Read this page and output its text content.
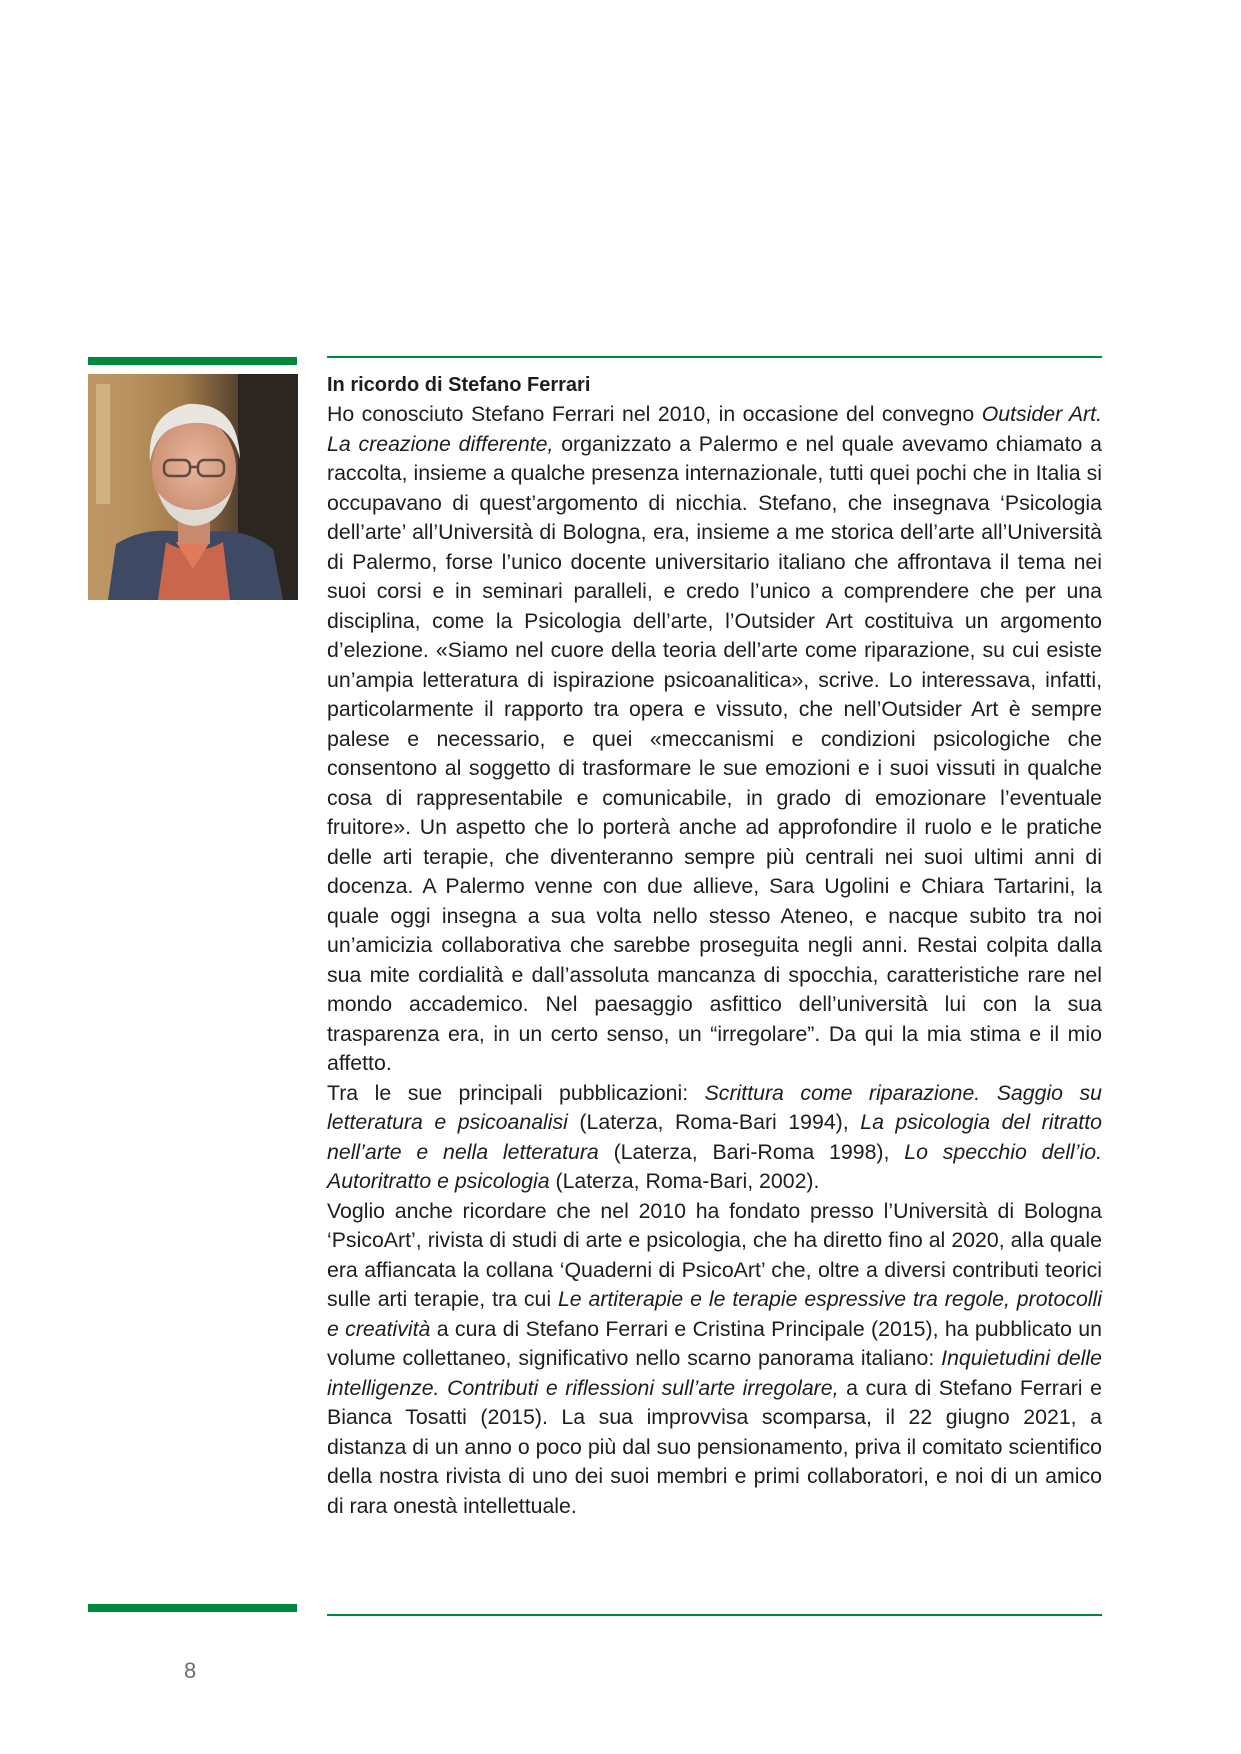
In ricordo di Stefano Ferrari

Ho conosciuto Stefano Ferrari nel 2010, in occasione del convegno Outsider Art. La creazione differente, organizzato a Palermo e nel quale avevamo chiamato a raccolta, insieme a qualche presenza internazionale, tutti quei pochi che in Italia si occupavano di quest’argomento di nicchia. Stefano, che insegnava ‘Psicologia dell’arte’ all’Università di Bologna, era, insieme a me storica dell’arte all’Università di Palermo, forse l’unico docente universitario italiano che affrontava il tema nei suoi corsi e in seminari paralleli, e credo l’unico a comprendere che per una disciplina, come la Psicologia dell’arte, l’Outsider Art costituiva un argomento d’elezione. «Siamo nel cuore della teoria dell’arte come riparazione, su cui esiste un’ampia letteratura di ispirazione psicoanalitica», scrive. Lo interessava, infatti, particolarmente il rapporto tra opera e vissuto, che nell’Outsider Art è sempre palese e necessario, e quei «meccanismi e condizioni psicologiche che consentono al soggetto di trasformare le sue emozioni e i suoi vissuti in qualche cosa di rappresentabile e comunicabile, in grado di emozionare l’eventuale fruitore». Un aspetto che lo porterà anche ad approfondire il ruolo e le pratiche delle arti terapie, che diventeranno sempre più centrali nei suoi ultimi anni di docenza. A Palermo venne con due allieve, Sara Ugolini e Chiara Tartarini, la quale oggi insegna a sua volta nello stesso Ateneo, e nacque subito tra noi un’amicizia collaborativa che sarebbe proseguita negli anni. Restai colpita dalla sua mite cordialità e dall’assoluta mancanza di spocchia, caratteristiche rare nel mondo accademico. Nel paesaggio asfittico dell’università lui con la sua trasparenza era, in un certo senso, un “irregolare”. Da qui la mia stima e il mio affetto.

Tra le sue principali pubblicazioni: Scrittura come riparazione. Saggio su letteratura e psicoanalisi (Laterza, Roma-Bari 1994), La psicologia del ritratto nell’arte e nella letteratura (Laterza, Bari-Roma 1998), Lo specchio dell’io. Autoritratto e psicologia (Laterza, Roma-Bari, 2002).

Voglio anche ricordare che nel 2010 ha fondato presso l’Università di Bologna ‘PsicoArt’, rivista di studi di arte e psicologia, che ha diretto fino al 2020, alla quale era affiancata la collana ‘Quaderni di PsicoArt’ che, oltre a diversi contributi teorici sulle arti terapie, tra cui Le artiterapie e le terapie espressive tra regole, protocolli e creatività a cura di Stefano Ferrari e Cristina Principale (2015), ha pubblicato un volume collettaneo, significativo nello scarno panorama italiano: Inquietudini delle intelligenze. Contributi e riflessioni sull’arte irregolare, a cura di Stefano Ferrari e Bianca Tosatti (2015). La sua improvvisa scomparsa, il 22 giugno 2021, a distanza di un anno o poco più dal suo pensionamento, priva il comitato scientifico della nostra rivista di uno dei suoi membri e primi collaboratori, e noi di un amico di rara onestà intellettuale.

8
